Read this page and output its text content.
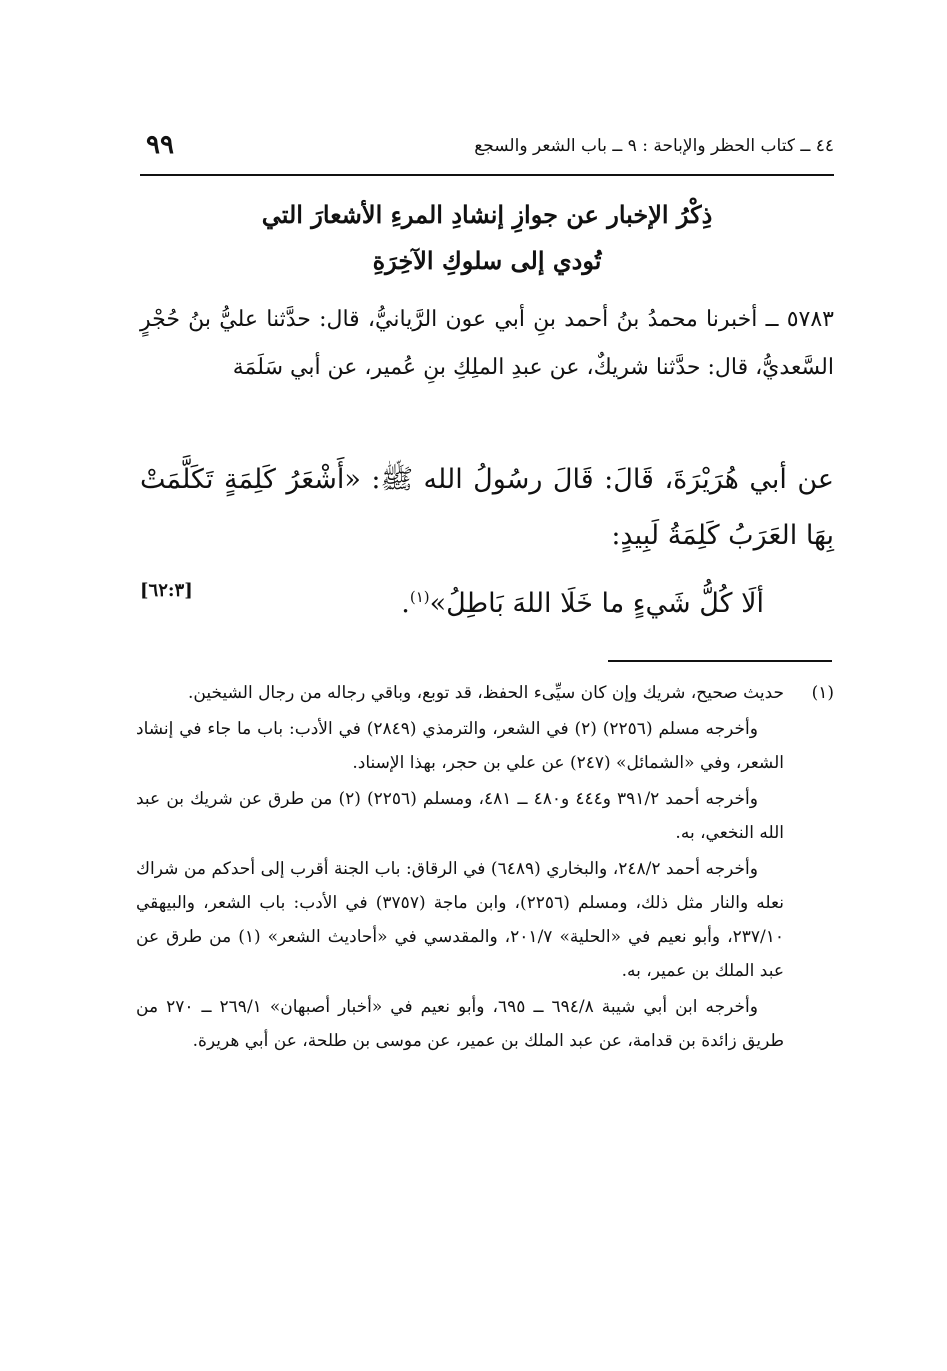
٤٤ ــ كتاب الحظر والإباحة : ٩ ــ باب الشعر والسجع
٩٩
ذِكْرُ الإخبار عن جوازِ إنشادِ المرءِ الأشعارَ التي
تُودي إلى سلوكِ الآخِرَةِ
٥٧٨٣ ــ أخبرنا محمدُ بنُ أحمد بنِ أبي عون الرَّيانيُّ، قال: حدَّثنا عليُّ بنُ حُجْرٍ السَّعديُّ، قال: حدَّثنا شريكٌ، عن عبدِ الملِكِ بنِ عُمير، عن أبي سَلَمَة
عن أبي هُرَيْرَةَ، قَالَ: قَالَ رسُولُ الله ﷺ: «أَشْعَرُ كَلِمَةٍ تَكَلَّمَتْ بِهَا العَرَبُ كَلِمَةُ لَبِيدٍ:
ألَا كُلُّ شَيءٍ ما خَلَا اللهَ بَاطِلُ»$^{(١)}$.
[٦٢:٣]
(١)
حديث صحيح، شريك وإن كان سيِّىء الحفظ، قد توبع، وباقي رجاله من رجال الشيخين.

وأخرجه مسلم (٢٢٥٦) (٢) في الشعر، والترمذي (٢٨٤٩) في الأدب: باب ما جاء في إنشاد الشعر، وفي «الشمائل» (٢٤٧) عن علي بن حجر، بهذا الإسناد.

وأخرجه أحمد ٣٩١/٢ و٤٤٤ و٤٨٠ ــ ٤٨١، ومسلم (٢٢٥٦) (٢) من طرق عن شريك بن عبد الله النخعي، به.

وأخرجه أحمد ٢٤٨/٢، والبخاري (٦٤٨٩) في الرقاق: باب الجنة أقرب إلى أحدكم من شراك نعله والنار مثل ذلك، ومسلم (٢٢٥٦)، وابن ماجة (٣٧٥٧) في الأدب: باب الشعر، والبيهقي ٢٣٧/١٠، وأبو نعيم في «الحلية» ٢٠١/٧، والمقدسي في «أحاديث الشعر» (١) من طرق عن عبد الملك بن عمير، به.

وأخرجه ابن أبي شيبة ٦٩٤/٨ ــ ٦٩٥، وأبو نعيم في «أخبار أصبهان» ٢٦٩/١ ــ ٢٧٠ من طريق زائدة بن قدامة، عن عبد الملك بن عمير، عن موسى بن طلحة، عن أبي هريرة.
